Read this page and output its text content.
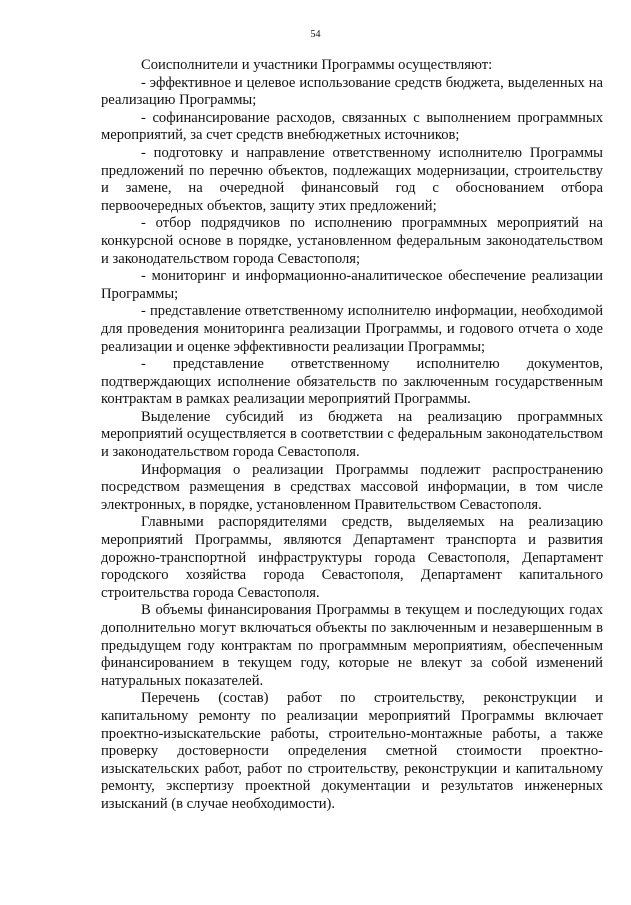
54

Соисполнители и участники Программы осуществляют:

- эффективное и целевое использование средств бюджета, выделенных на реализацию Программы;

- софинансирование расходов, связанных с выполнением программных мероприятий, за счет средств внебюджетных источников;

- подготовку и направление ответственному исполнителю Программы предложений по перечню объектов, подлежащих модернизации, строительству и замене, на очередной финансовый год с обоснованием отбора первоочередных объектов, защиту этих предложений;

- отбор подрядчиков по исполнению программных мероприятий на конкурсной основе в порядке, установленном федеральным законодательством и законодательством города Севастополя;

- мониторинг и информационно-аналитическое обеспечение реализации Программы;

- представление ответственному исполнителю информации, необходимой для проведения мониторинга реализации Программы, и годового отчета о ходе реализации и оценке эффективности реализации Программы;

- представление ответственному исполнителю документов, подтверждающих исполнение обязательств по заключенным государственным контрактам в рамках реализации мероприятий Программы.

Выделение субсидий из бюджета на реализацию программных мероприятий осуществляется в соответствии с федеральным законодательством и законодательством города Севастополя.

Информация о реализации Программы подлежит распространению посредством размещения в средствах массовой информации, в том числе электронных, в порядке, установленном Правительством Севастополя.

Главными распорядителями средств, выделяемых на реализацию мероприятий Программы, являются Департамент транспорта и развития дорожно-транспортной инфраструктуры города Севастополя, Департамент городского хозяйства города Севастополя, Департамент капитального строительства города Севастополя.

В объемы финансирования Программы в текущем и последующих годах дополнительно могут включаться объекты по заключенным и незавершенным в предыдущем году контрактам по программным мероприятиям, обеспеченным финансированием в текущем году, которые не влекут за собой изменений натуральных показателей.

Перечень (состав) работ по строительству, реконструкции и капитальному ремонту по реализации мероприятий Программы включает проектно-изыскательские работы, строительно-монтажные работы, а также проверку достоверности определения сметной стоимости проектно-изыскательских работ, работ по строительству, реконструкции и капитальному ремонту, экспертизу проектной документации и результатов инженерных изысканий (в случае необходимости).
